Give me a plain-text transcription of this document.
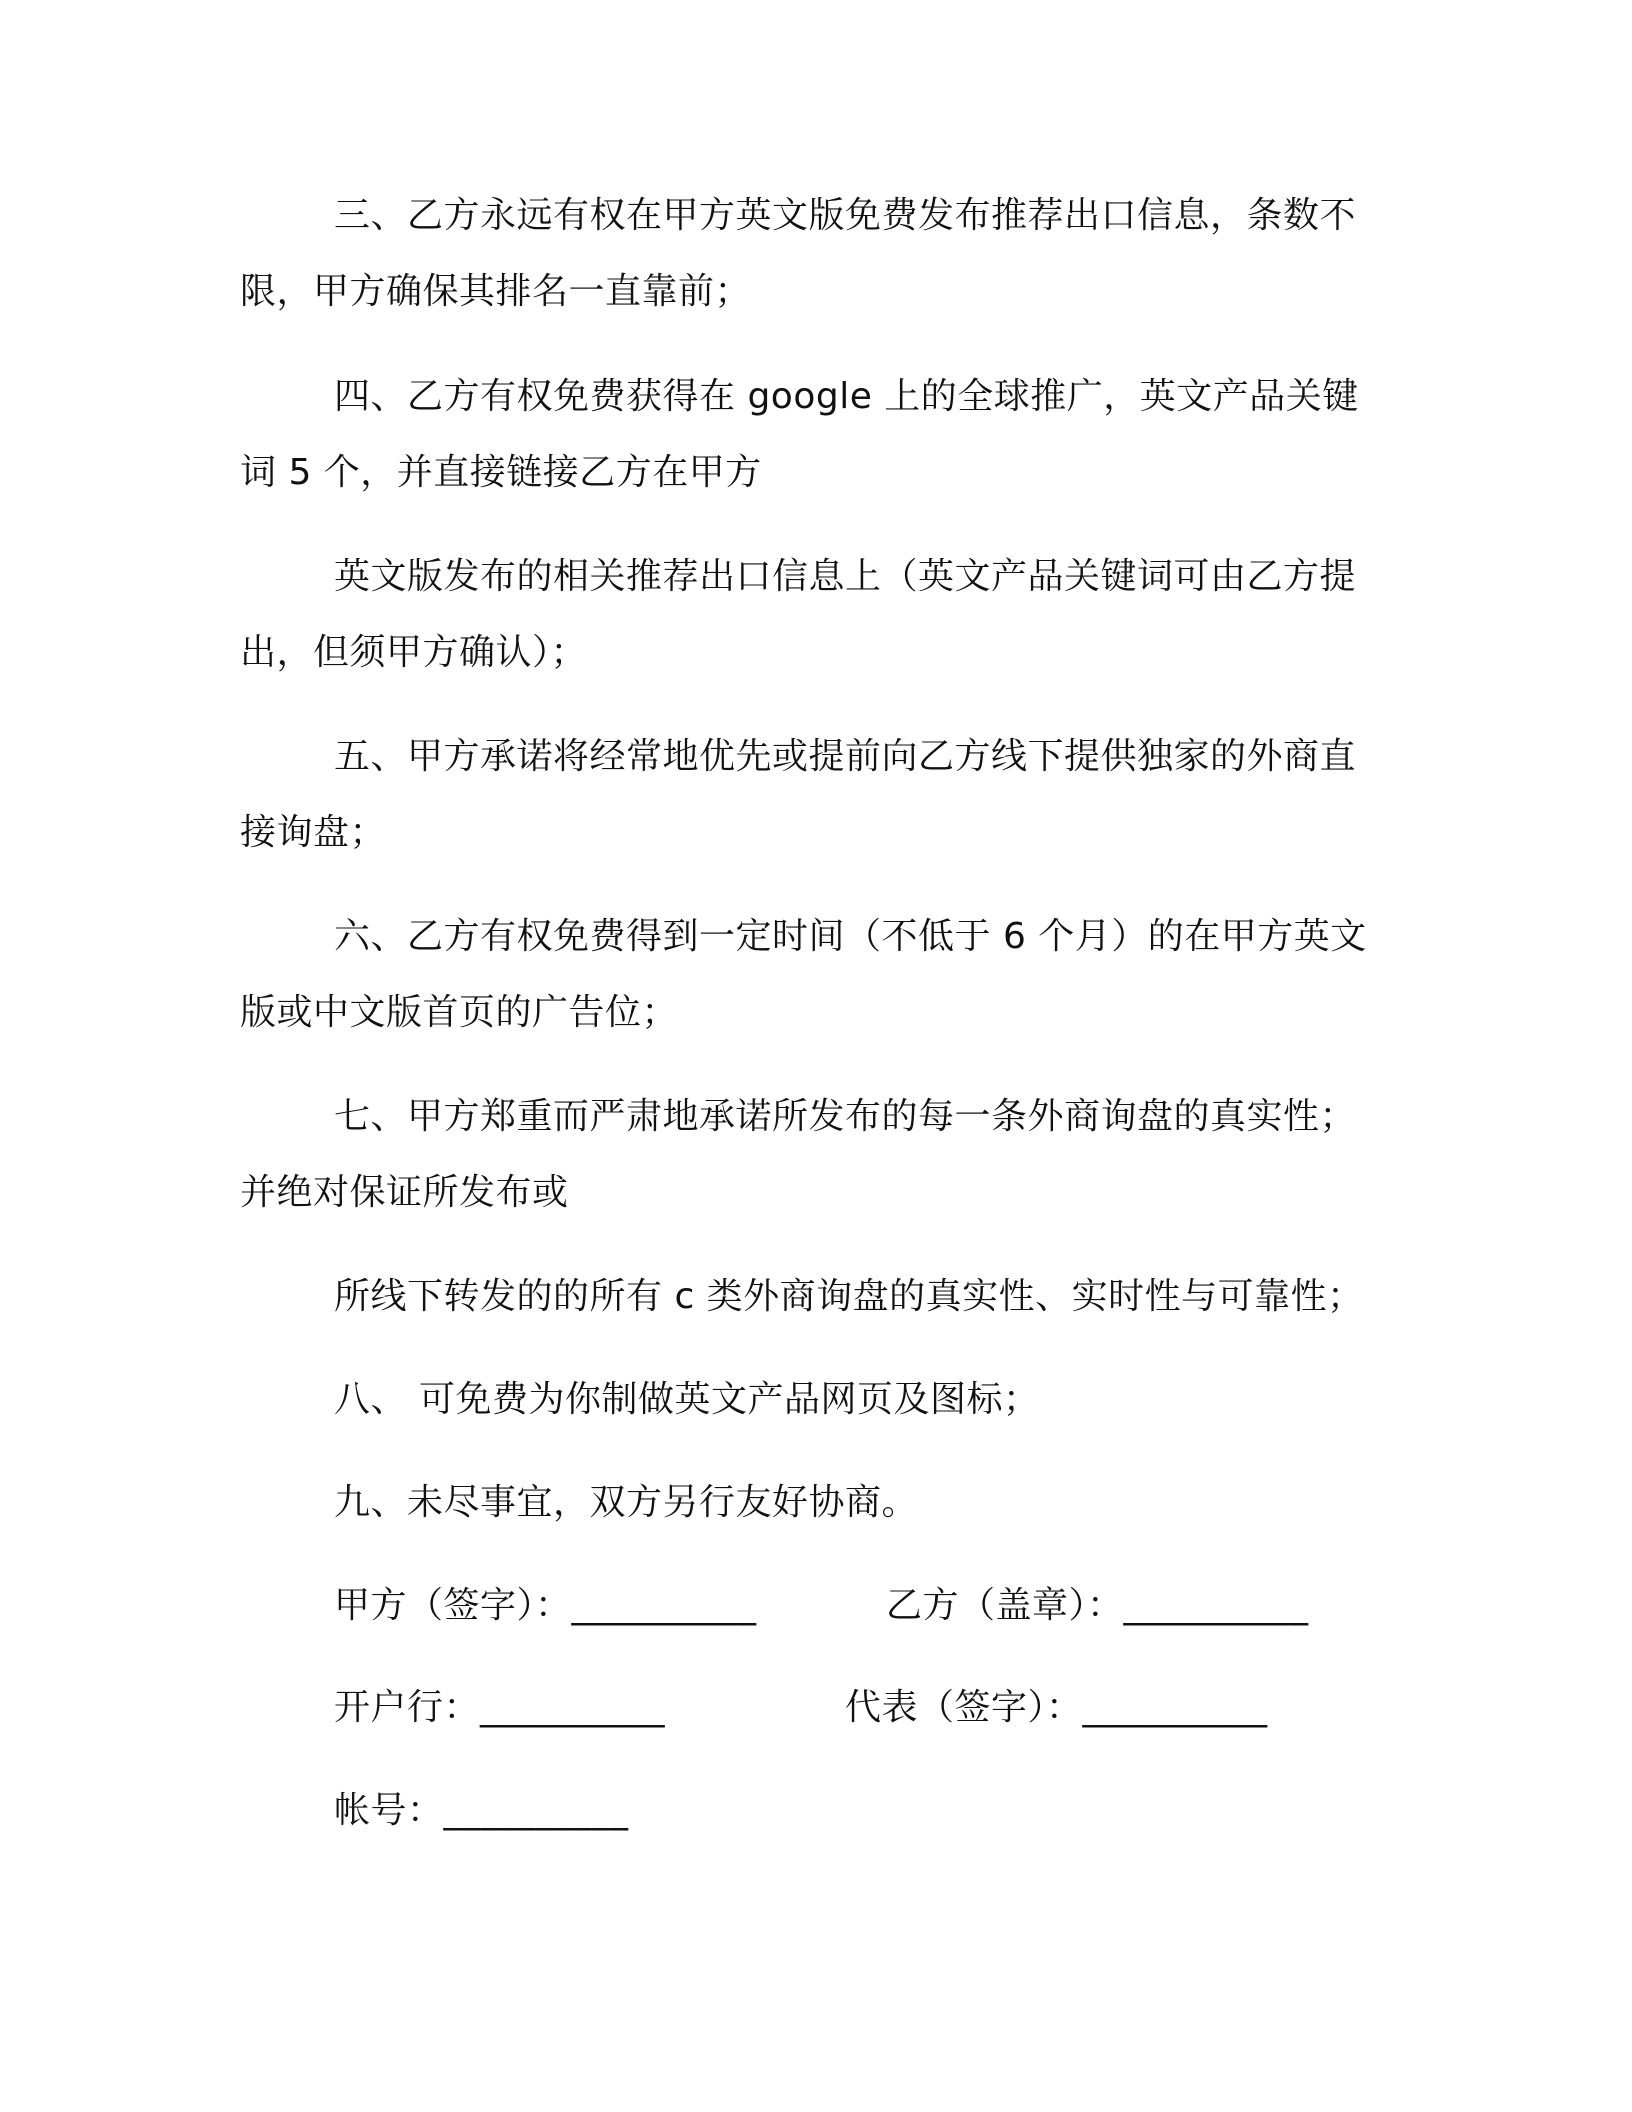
三、乙方永远有权在甲方英文版免费发布推荐出口信息，条数不
限，甲方确保其排名一直靠前；
四、乙方有权免费获得在 google 上的全球推广，英文产品关键
词 5 个，并直接链接乙方在甲方
英文版发布的相关推荐出口信息上（英文产品关键词可由乙方提
出，但须甲方确认）；
五、甲方承诺将经常地优先或提前向乙方线下提供独家的外商直
接询盘；
六、乙方有权免费得到一定时间（不低于 6 个月）的在甲方英文
版或中文版首页的广告位；
七、甲方郑重而严肃地承诺所发布的每一条外商询盘的真实性；
并绝对保证所发布或
所线下转发的的所有 c 类外商询盘的真实性、实时性与可靠性；
八、 可免费为你制做英文产品网页及图标；
九、未尽事宜，双方另行友好协商。
甲方（签字）：__________	乙方（盖章）：__________
开户行：__________	代表（签字）：__________
帐号：__________
